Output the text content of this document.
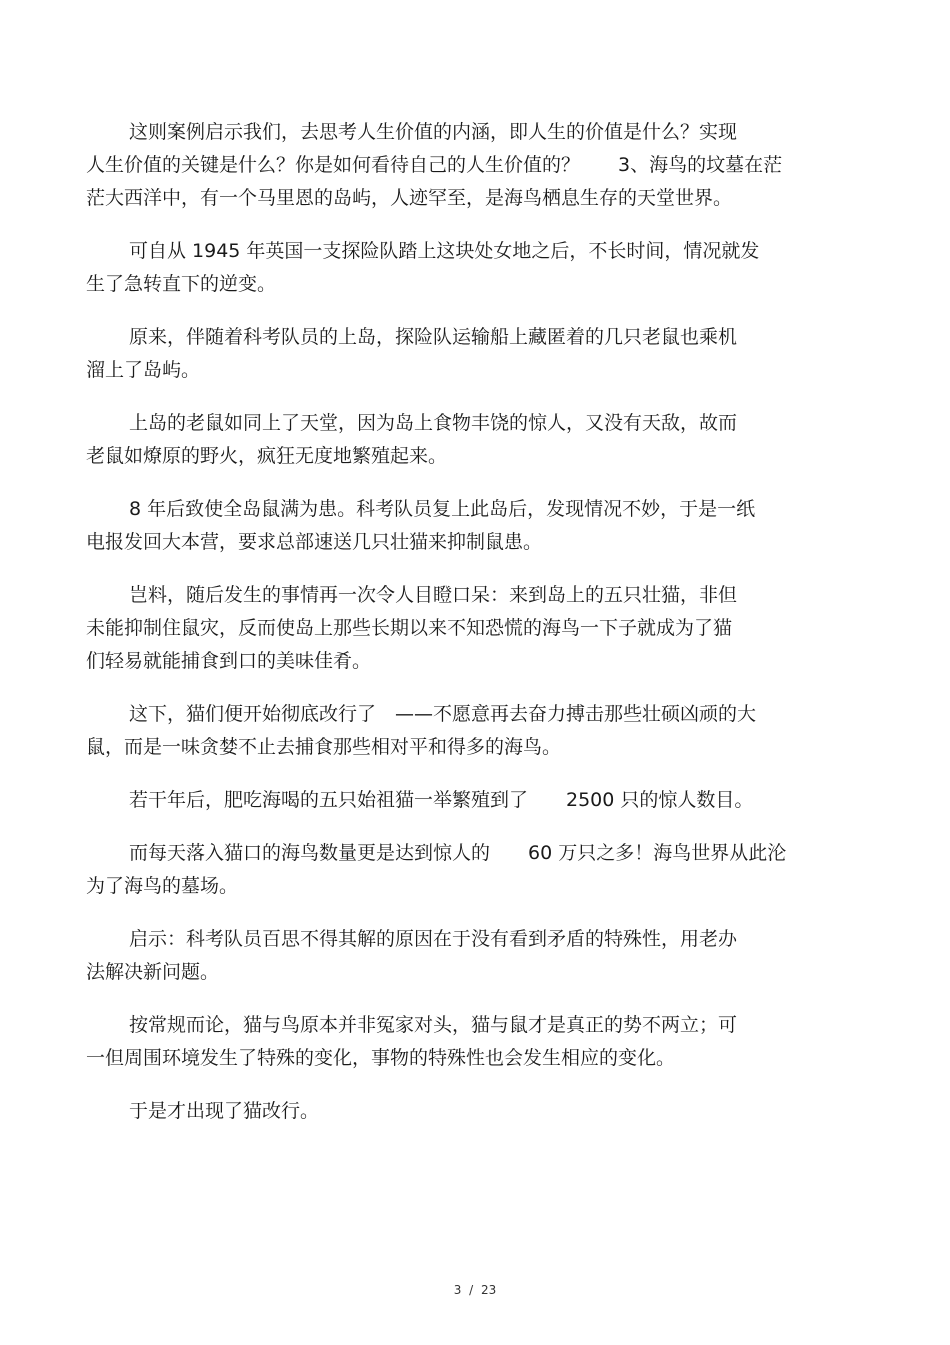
这则案例启示我们，去思考人生价值的内涵，即人生的价值是什么？实现
人生价值的关键是什么？你是如何看待自己的人生价值的？　　3、海鸟的坟墓在茫
茫大西洋中，有一个马里恩的岛屿，人迹罕至，是海鸟栖息生存的天堂世界。
可自从 1945 年英国一支探险队踏上这块处女地之后，不长时间，情况就发
生了急转直下的逆变。
原来，伴随着科考队员的上岛，探险队运输船上藏匿着的几只老鼠也乘机
溜上了岛屿。
上岛的老鼠如同上了天堂，因为岛上食物丰饶的惊人，又没有天敌，故而
老鼠如燎原的野火，疯狂无度地繁殖起来。
8 年后致使全岛鼠满为患。科考队员复上此岛后，发现情况不妙，于是一纸
电报发回大本营，要求总部速送几只壮猫来抑制鼠患。
岂料，随后发生的事情再一次令人目瞪口呆：来到岛上的五只壮猫，非但
未能抑制住鼠灾，反而使岛上那些长期以来不知恐慌的海鸟一下子就成为了猫
们轻易就能捕食到口的美味佳肴。
这下，猫们便开始彻底改行了　——不愿意再去奋力搏击那些壮硕凶顽的大
鼠，而是一味贪婪不止去捕食那些相对平和得多的海鸟。
若干年后，肥吃海喝的五只始祖猫一举繁殖到了　　2500 只的惊人数目。
而每天落入猫口的海鸟数量更是达到惊人的　　60 万只之多！海鸟世界从此沦
为了海鸟的墓场。
启示：科考队员百思不得其解的原因在于没有看到矛盾的特殊性，用老办
法解决新问题。
按常规而论，猫与鸟原本并非冤家对头，猫与鼠才是真正的势不两立；可
一但周围环境发生了特殊的变化，事物的特殊性也会发生相应的变化。
于是才出现了猫改行。
3 / 23
